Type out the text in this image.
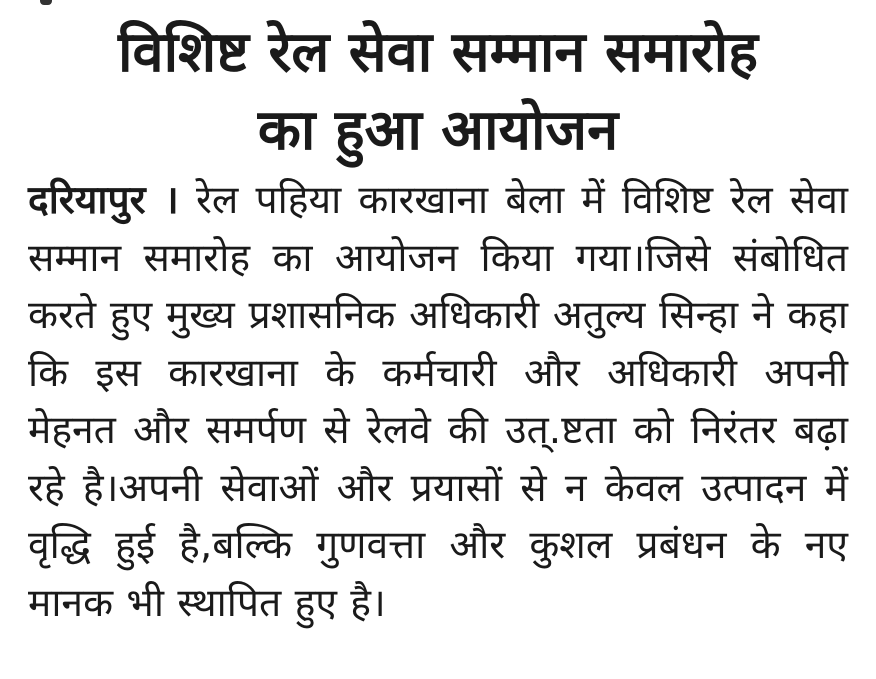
विशिष्ट रेल सेवा सम्मान समारोह
का हुआ आयोजन

दरियापुर । रेल पहिया कारखाना बेला में विशिष्ट रेल सेवा सम्मान समारोह का आयोजन किया गया।जिसे संबोधित करते हुए मुख्य प्रशासनिक अधिकारी अतुल्य सिन्हा ने कहा कि इस कारखाना के कर्मचारी और अधिकारी अपनी मेहनत और समर्पण से रेलवे की उत्.ष्टता को निरंतर बढ़ा रहे है।अपनी सेवाओं और प्रयासों से न केवल उत्पादन में वृद्धि हुई है,बल्कि गुणवत्ता और कुशल प्रबंधन के नए मानक भी स्थापित हुए है।
